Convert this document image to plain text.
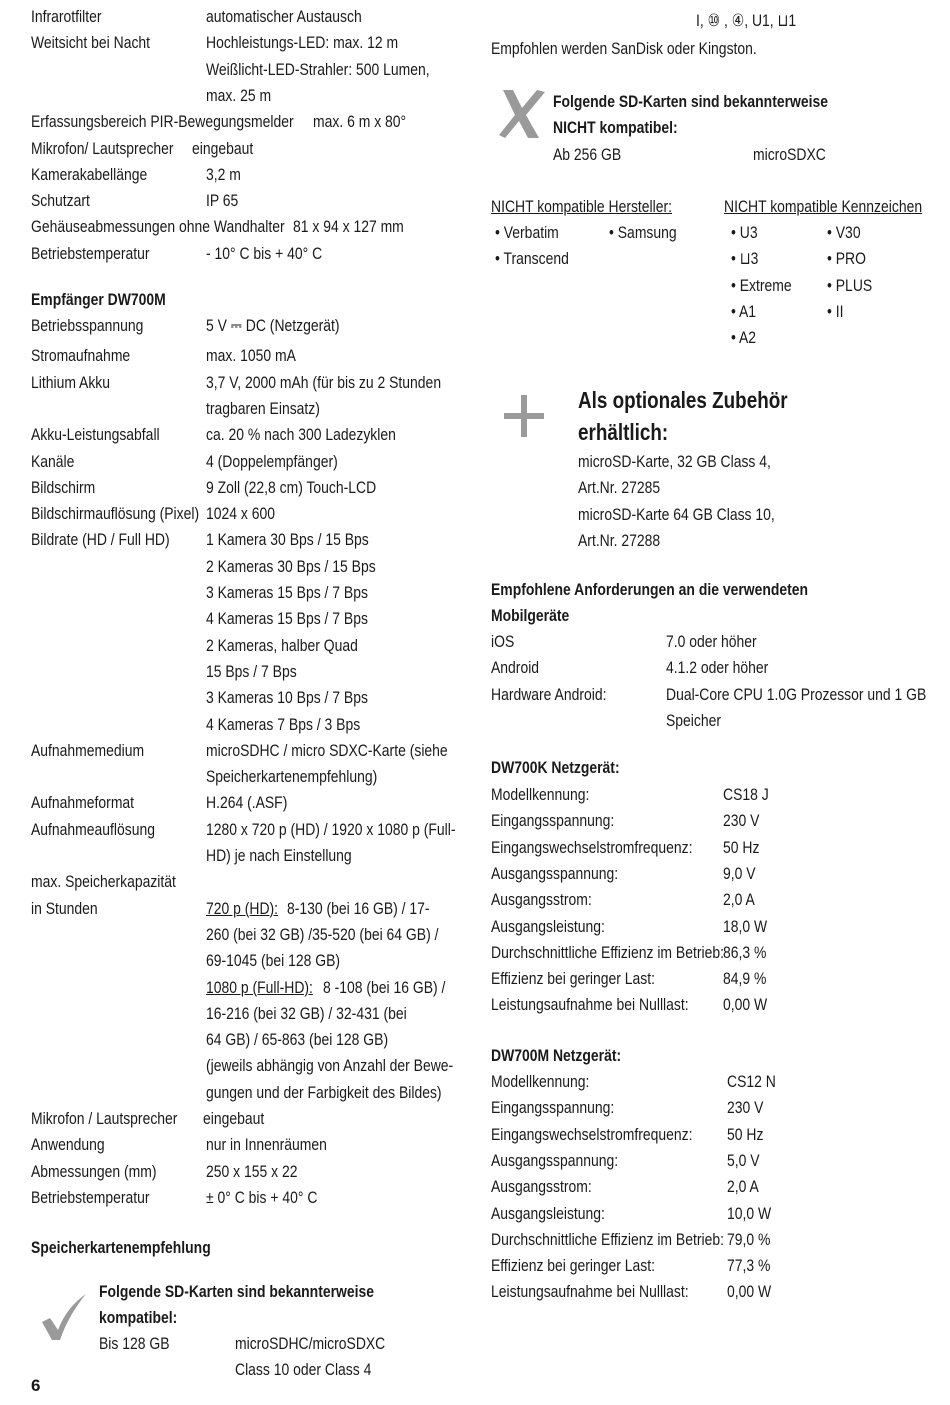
Infrarotfilter	automatischer Austausch
Weitsicht bei Nacht	Hochleistungs-LED: max. 12 m
Weißlicht-LED-Strahler: 500 Lumen,
max. 25 m
Erfassungsbereich PIR-Bewegungsmelder max. 6 m x 80°
Mikrofon/ Lautsprecher eingebaut
Kamerakabellänge	3,2 m
Schutzart	IP 65
Gehäuseabmessungen ohne Wandhalter 81 x 94 x 127 mm
Betriebstemperatur	- 10° C bis + 40° C
Empfänger DW700M
Betriebsspannung	5 V ⎓ DC (Netzgerät)
Stromaufnahme	max. 1050 mA
Lithium Akku	3,7 V, 2000 mAh (für bis zu 2 Stunden
tragbaren Einsatz)
Akku-Leistungsabfall	ca. 20 % nach 300 Ladezyklen
Kanäle	4 (Doppelempfänger)
Bildschirm	9 Zoll (22,8 cm) Touch-LCD
Bildschirmauflösung (Pixel) 1024 x 600
Bildrate (HD / Full HD) 1 Kamera 30 Bps / 15 Bps
2 Kameras 30 Bps / 15 Bps
3 Kameras 15 Bps / 7 Bps
4 Kameras 15 Bps / 7 Bps
2 Kameras, halber Quad
15 Bps / 7 Bps
3 Kameras 10 Bps / 7 Bps
4 Kameras 7 Bps / 3 Bps
Aufnahmemedium	microSDHC / micro SDXC-Karte (siehe
Speicherkartenempfehlung)
Aufnahmeformat	H.264 (.ASF)
Aufnahmeauflösung	1280 x 720 p (HD) / 1920 x 1080 p (Full-
HD) je nach Einstellung
max. Speicherkapazität
in Stunden	720 p (HD): 8-130 (bei 16 GB) / 17-
260 (bei 32 GB) /35-520 (bei 64 GB) /
69-1045 (bei 128 GB)
1080 p (Full-HD): 8 -108 (bei 16 GB) /
16-216 (bei 32 GB) / 32-431 (bei
64 GB) / 65-863 (bei 128 GB)
(jeweils abhängig von Anzahl der Bewe-
gungen und der Farbigkeit des Bildes)
Mikrofon / Lautsprecher eingebaut
Anwendung	nur in Innenräumen
Abmessungen (mm)	250 x 155 x 22
Betriebstemperatur	± 0° C bis + 40° C
Speicherkartenempfehlung
Folgende SD-Karten sind bekannterweise
kompatibel:
Bis 128 GB	microSDHC/microSDXC
Class 10 oder Class 4
I, ⑩ , ④, U1, ⊔1
Empfohlen werden SanDisk oder Kingston.
Folgende SD-Karten sind bekannterweise
NICHT kompatibel:
Ab 256 GB	microSDXC
NICHT kompatible Hersteller:	NICHT kompatible Kennzeichen
• Verbatim
•	Samsung
• Transcend
• U3
• ⊔3
• Extreme
• A1
• A2
• V30
• PRO
• PLUS
• II
Als optionales Zubehör
erhältlich:
microSD-Karte, 32 GB Class 4,
Art.Nr. 27285
microSD-Karte 64 GB Class 10,
Art.Nr. 27288
Empfohlene Anforderungen an die verwendeten
Mobilgeräte
iOS	7.0 oder höher
Android	4.1.2 oder höher
Hardware Android:	Dual-Core CPU 1.0G Prozessor und 1 GB
Speicher
DW700K Netzgerät:
Modellkennung:	CS18 J
Eingangsspannung:	230 V
Eingangswechselstromfrequenz: 50 Hz
Ausgangsspannung:	9,0 V
Ausgangsstrom:	2,0 A
Ausgangsleistung:	18,0 W
Durchschnittliche Effizienz im Betrieb: 86,3 %
Effizienz bei geringer Last:	84,9 %
Leistungsaufnahme bei Nulllast: 0,00 W
DW700M Netzgerät:
Modellkennung:	CS12 N
Eingangsspannung:	230 V
Eingangswechselstromfrequenz: 50 Hz
Ausgangsspannung:	5,0 V
Ausgangsstrom:	2,0 A
Ausgangsleistung:	10,0 W
Durchschnittliche Effizienz im Betrieb: 79,0 %
Effizienz bei geringer Last:	77,3 %
Leistungsaufnahme bei Nulllast: 0,00 W
6
